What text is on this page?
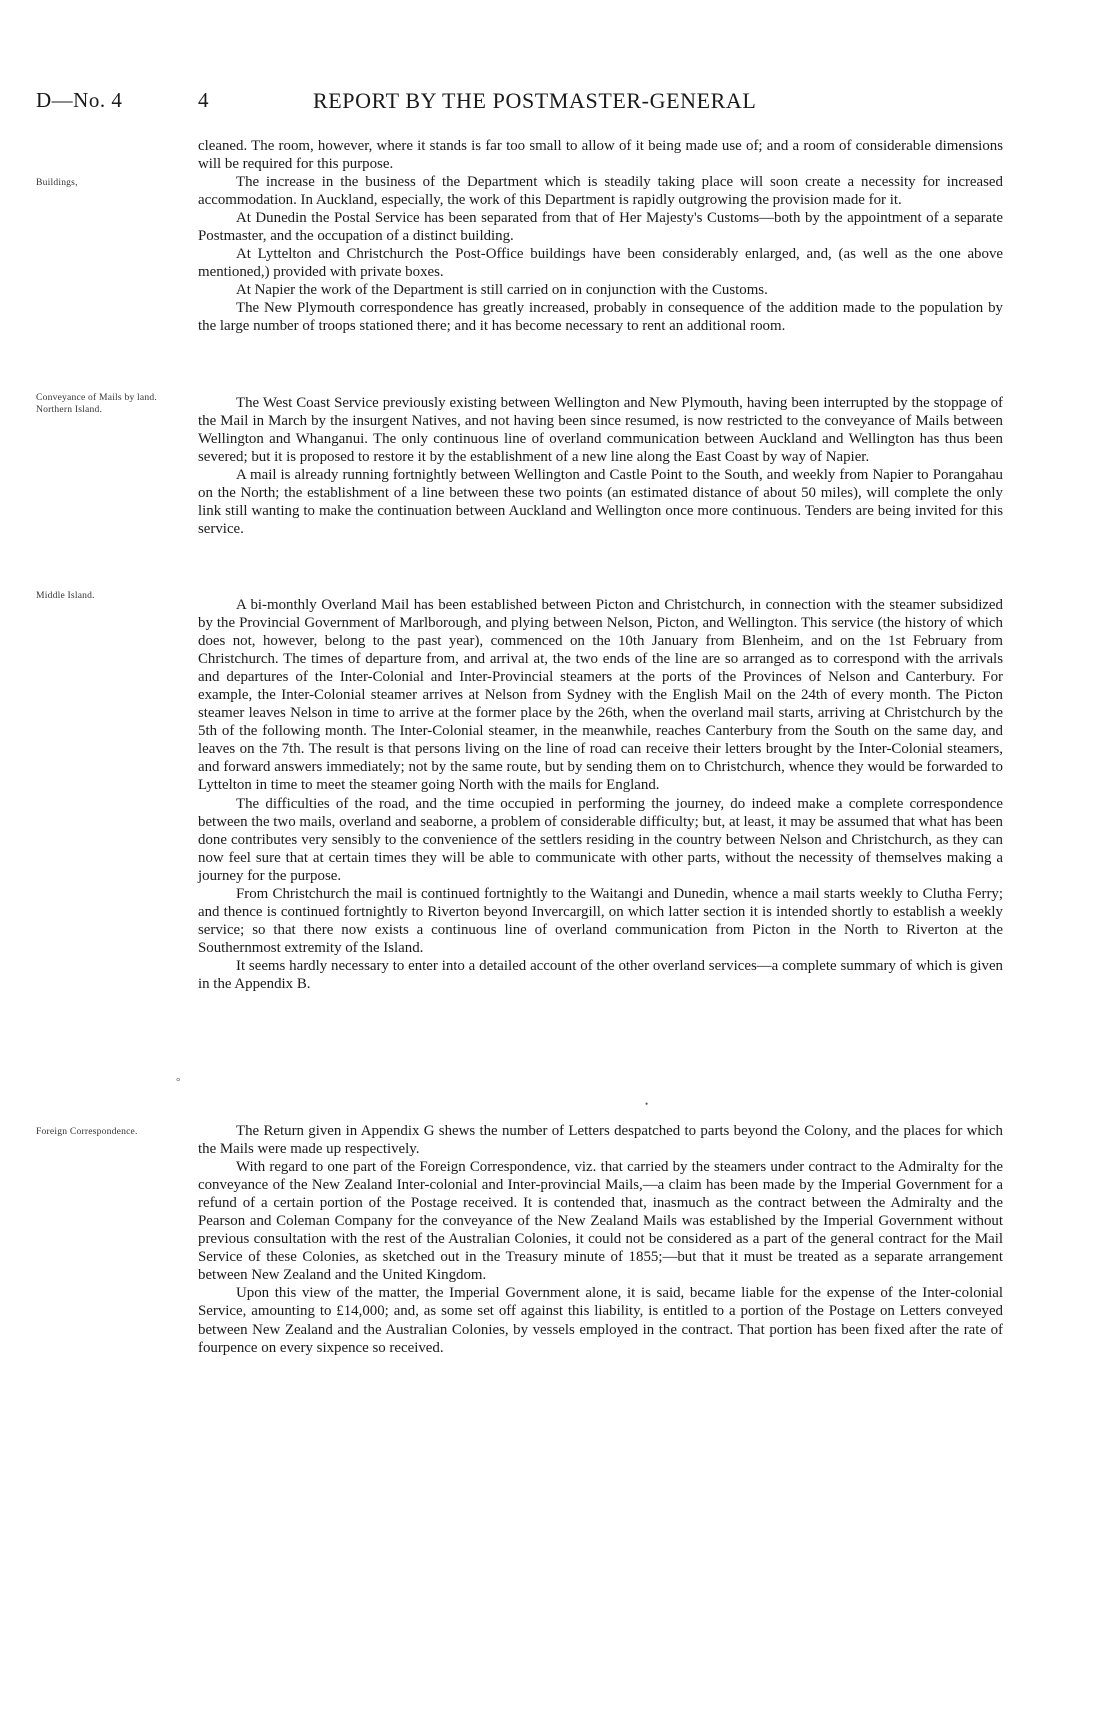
D—No. 4	4	REPORT BY THE POSTMASTER-GENERAL
Buildings,
Conveyance of Mails by land. Northern Island.
Middle Island.
Foreign Correspondence.
°
•

cleaned. The room, however, where it stands is far too small to allow of it being made use of; and a room of considerable dimensions will be required for this purpose.

The increase in the business of the Department which is steadily taking place will soon create a necessity for increased accommodation. In Auckland, especially, the work of this Department is rapidly outgrowing the provision made for it.

At Dunedin the Postal Service has been separated from that of Her Majesty's Customs—both by the appointment of a separate Postmaster, and the occupation of a distinct building.

At Lyttelton and Christchurch the Post-Office buildings have been considerably enlarged, and, (as well as the one above mentioned,) provided with private boxes.

At Napier the work of the Department is still carried on in conjunction with the Customs.

The New Plymouth correspondence has greatly increased, probably in consequence of the addition made to the population by the large number of troops stationed there; and it has become necessary to rent an additional room.

The West Coast Service previously existing between Wellington and New Plymouth, having been interrupted by the stoppage of the Mail in March by the insurgent Natives, and not having been since resumed, is now restricted to the conveyance of Mails between Wellington and Whanganui. The only continuous line of overland communication between Auckland and Wellington has thus been severed; but it is proposed to restore it by the establishment of a new line along the East Coast by way of Napier.

A mail is already running fortnightly between Wellington and Castle Point to the South, and weekly from Napier to Porangahau on the North; the establishment of a line between these two points (an estimated distance of about 50 miles), will complete the only link still wanting to make the continuation between Auckland and Wellington once more continuous. Tenders are being invited for this service.

A bi-monthly Overland Mail has been established between Picton and Christchurch, in connection with the steamer subsidized by the Provincial Government of Marlborough, and plying between Nelson, Picton, and Wellington. This service (the history of which does not, however, belong to the past year), commenced on the 10th January from Blenheim, and on the 1st February from Christchurch. The times of departure from, and arrival at, the two ends of the line are so arranged as to correspond with the arrivals and departures of the Inter-Colonial and Inter-Provincial steamers at the ports of the Provinces of Nelson and Canterbury. For example, the Inter-Colonial steamer arrives at Nelson from Sydney with the English Mail on the 24th of every month. The Picton steamer leaves Nelson in time to arrive at the former place by the 26th, when the overland mail starts, arriving at Christchurch by the 5th of the following month. The Inter-Colonial steamer, in the meanwhile, reaches Canterbury from the South on the same day, and leaves on the 7th. The result is that persons living on the line of road can receive their letters brought by the Inter-Colonial steamers, and forward answers immediately; not by the same route, but by sending them on to Christchurch, whence they would be forwarded to Lyttelton in time to meet the steamer going North with the mails for England.

The difficulties of the road, and the time occupied in performing the journey, do indeed make a complete correspondence between the two mails, overland and seaborne, a problem of considerable difficulty; but, at least, it may be assumed that what has been done contributes very sensibly to the convenience of the settlers residing in the country between Nelson and Christchurch, as they can now feel sure that at certain times they will be able to communicate with other parts, without the necessity of themselves making a journey for the purpose.

From Christchurch the mail is continued fortnightly to the Waitangi and Dunedin, whence a mail starts weekly to Clutha Ferry; and thence is continued fortnightly to Riverton beyond Invercargill, on which latter section it is intended shortly to establish a weekly service; so that there now exists a continuous line of overland communication from Picton in the North to Riverton at the Southernmost extremity of the Island.

It seems hardly necessary to enter into a detailed account of the other overland services—a complete summary of which is given in the Appendix B.

The Return given in Appendix G shews the number of Letters despatched to parts beyond the Colony, and the places for which the Mails were made up respectively.

With regard to one part of the Foreign Correspondence, viz. that carried by the steamers under contract to the Admiralty for the conveyance of the New Zealand Inter-colonial and Inter-provincial Mails,—a claim has been made by the Imperial Government for a refund of a certain portion of the Postage received. It is contended that, inasmuch as the contract between the Admiralty and the Pearson and Coleman Company for the conveyance of the New Zealand Mails was established by the Imperial Government without previous consultation with the rest of the Australian Colonies, it could not be considered as a part of the general contract for the Mail Service of these Colonies, as sketched out in the Treasury minute of 1855;—but that it must be treated as a separate arrangement between New Zealand and the United Kingdom.

Upon this view of the matter, the Imperial Government alone, it is said, became liable for the expense of the Inter-colonial Service, amounting to £14,000; and, as some set off against this liability, is entitled to a portion of the Postage on Letters conveyed between New Zealand and the Australian Colonies, by vessels employed in the contract. That portion has been fixed after the rate of fourpence on every sixpence so received.
